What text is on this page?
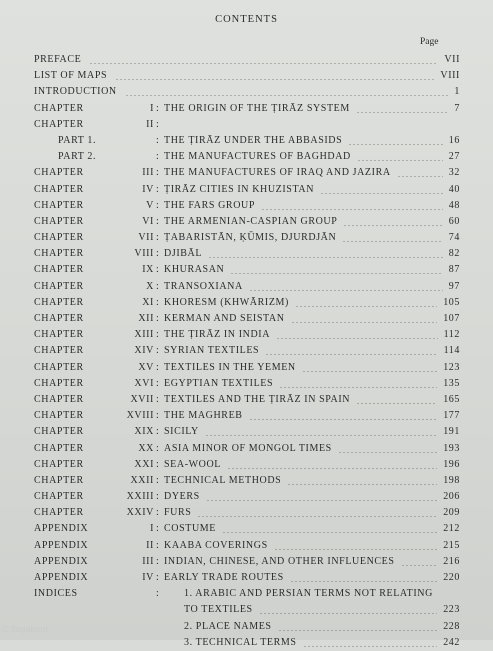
CONTENTS
Page
PREFACE	VII
LIST OF MAPS	VIII
INTRODUCTION	1
CHAPTER	I : THE ORIGIN OF THE ṬIRĀZ SYSTEM	7
CHAPTER	II :
PART 1.	: THE ṬIRĀZ UNDER THE ABBASIDS	16
PART 2.	: THE MANUFACTURES OF BAGHDAD	27
CHAPTER	III : THE MANUFACTURES OF IRAQ AND JAZIRA	32
CHAPTER	IV : ṬIRĀZ CITIES IN KHUZISTAN	40
CHAPTER	V : THE FARS GROUP	48
CHAPTER	VI : THE ARMENIAN-CASPIAN GROUP	60
CHAPTER	VII : ṬABARISTĀN, ḲŪMIS, DJURDJĀN	74
CHAPTER	VIII : DJIBĀL	82
CHAPTER	IX : KHURASAN	87
CHAPTER	X : TRANSOXIANA	97
CHAPTER	XI : KHORESM (KHWĀRIZM)	105
CHAPTER	XII : KERMAN AND SEISTAN	107
CHAPTER	XIII : THE ṬIRĀZ IN INDIA	112
CHAPTER	XIV : SYRIAN TEXTILES	114
CHAPTER	XV : TEXTILES IN THE YEMEN	123
CHAPTER	XVI : EGYPTIAN TEXTILES	135
CHAPTER	XVII : TEXTILES AND THE ṬIRĀZ IN SPAIN	165
CHAPTER	XVIII : THE MAGHREB	177
CHAPTER	XIX : SICILY	191
CHAPTER	XX : ASIA MINOR OF MONGOL TIMES	193
CHAPTER	XXI : SEA-WOOL	196
CHAPTER	XXII : TECHNICAL METHODS	198
CHAPTER	XXIII : DYERS	206
CHAPTER	XXIV : FURS	209
APPENDIX	I : COSTUME	212
APPENDIX	II : KAABA COVERINGS	215
APPENDIX	III : INDIAN, CHINESE, AND OTHER INFLUENCES	216
APPENDIX	IV : EARLY TRADE ROUTES	220
INDICES	: 1. ARABIC AND PERSIAN TERMS NOT RELATING
TO TEXTILES	223
2. PLACE NAMES	228
3. TECHNICAL TERMS	242
© flagabout
